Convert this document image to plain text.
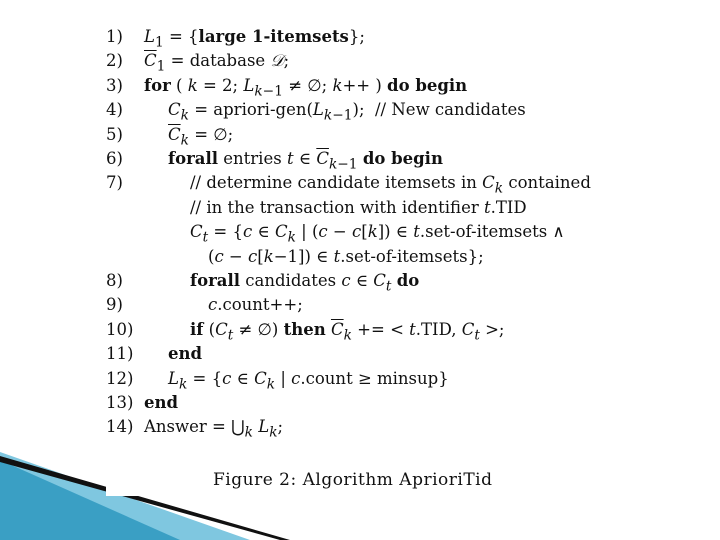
1) $L_1$ = {large 1-itemsets};
2) $\overline{C}_1$ = database 𝒟;
3) for ( k = 2; $L_{k-1}$ ≠ ∅; k++ ) do begin
4)	$C_k$ = apriori-$gen(L_{k-1})$;  // New candidates
5)	$\overline{C}_k$ = ∅;
6)	forall entries t ∈ $\overline{C}_{k-1}$ do begin
7)	// determine candidate itemsets in $C_k$ contained
// in the transaction with identifier t.TID
$C_t = \{c$ ∈ $C_k$ | (c − c[k]) ∈ t.set-of-itemsets ∧
(c − c[k−1]) ∈ t.set-of-itemsets};
8)	forall candidates c ∈ $C_t$ do
9)	c.count++;
10)	if ($C_t$ ≠ ∅) then $\overline{C}_k$ += < t.TID, $C_t$ >;
11) end
12) $L_k = \{c$ ∈ $C_k$ | c.count ≥ minsup}
13) end
14) Answer = $⋃_k$ $L_k$;
Figure 2: Algorithm AprioriTid
